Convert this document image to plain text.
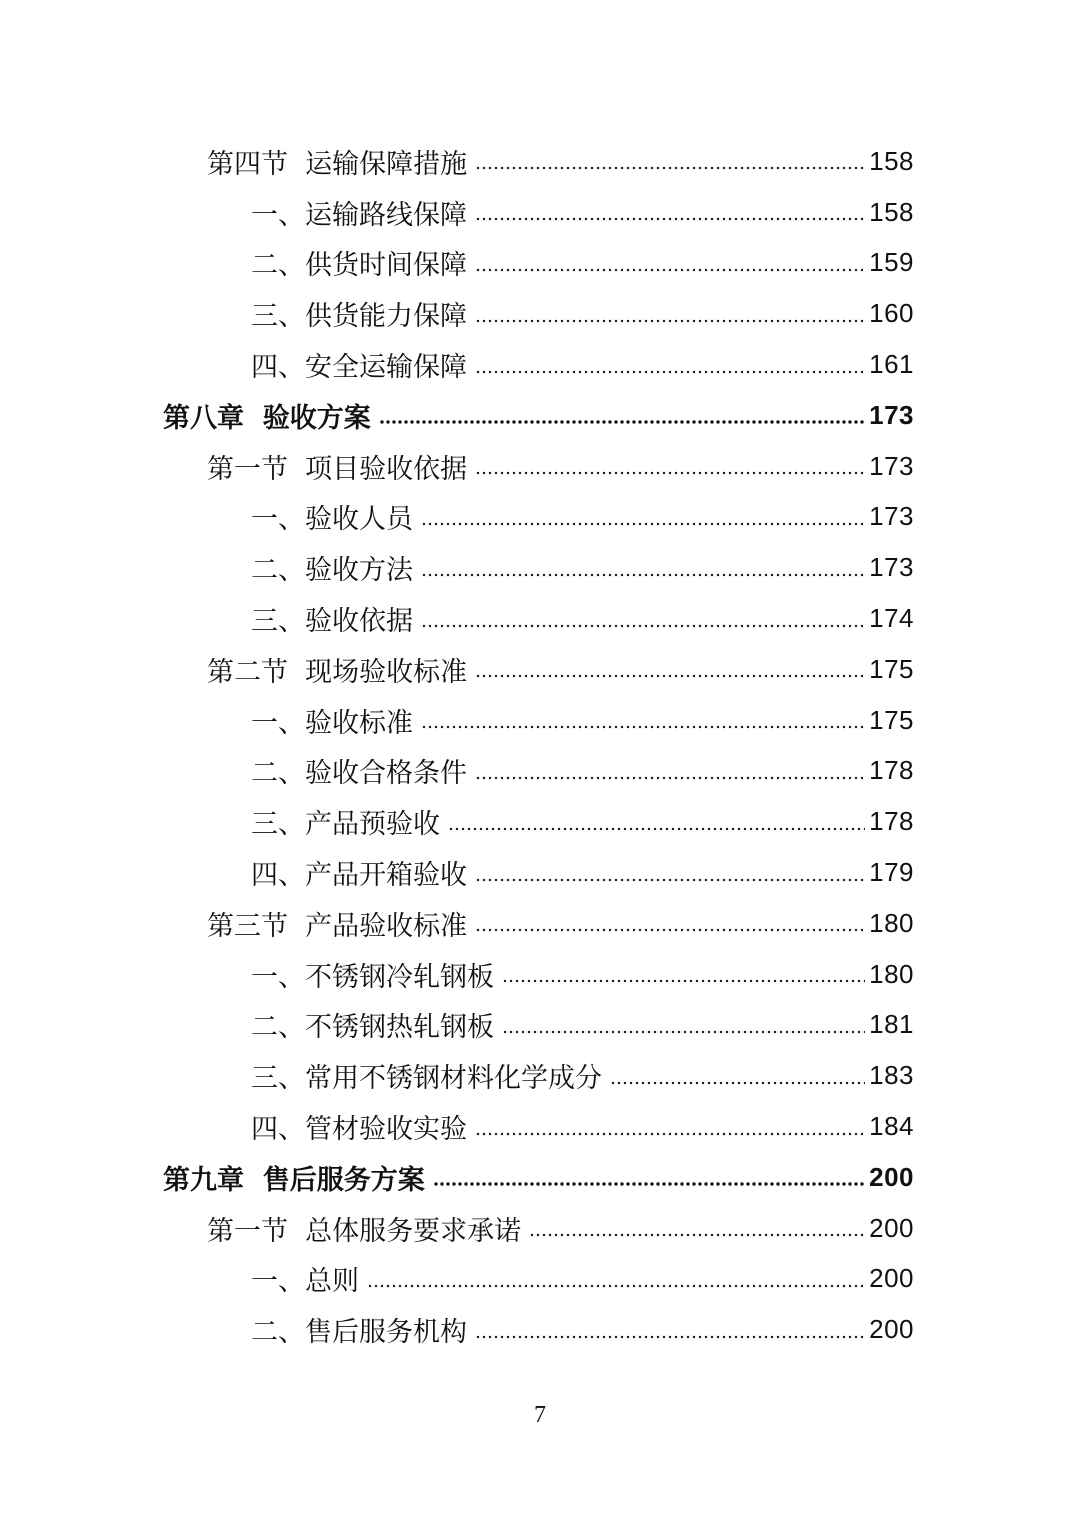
第四节  运输保障措施	158
一、运输路线保障	158
二、供货时间保障	159
三、供货能力保障	160
四、安全运输保障	161
第八章  验收方案	173
第一节  项目验收依据	173
一、验收人员	173
二、验收方法	173
三、验收依据	174
第二节  现场验收标准	175
一、验收标准	175
二、验收合格条件	178
三、产品预验收	178
四、产品开箱验收	179
第三节  产品验收标准	180
一、不锈钢冷轧钢板	180
二、不锈钢热轧钢板	181
三、常用不锈钢材料化学成分	183
四、管材验收实验	184
第九章  售后服务方案	200
第一节  总体服务要求承诺	200
一、总则	200
二、售后服务机构	200
7
